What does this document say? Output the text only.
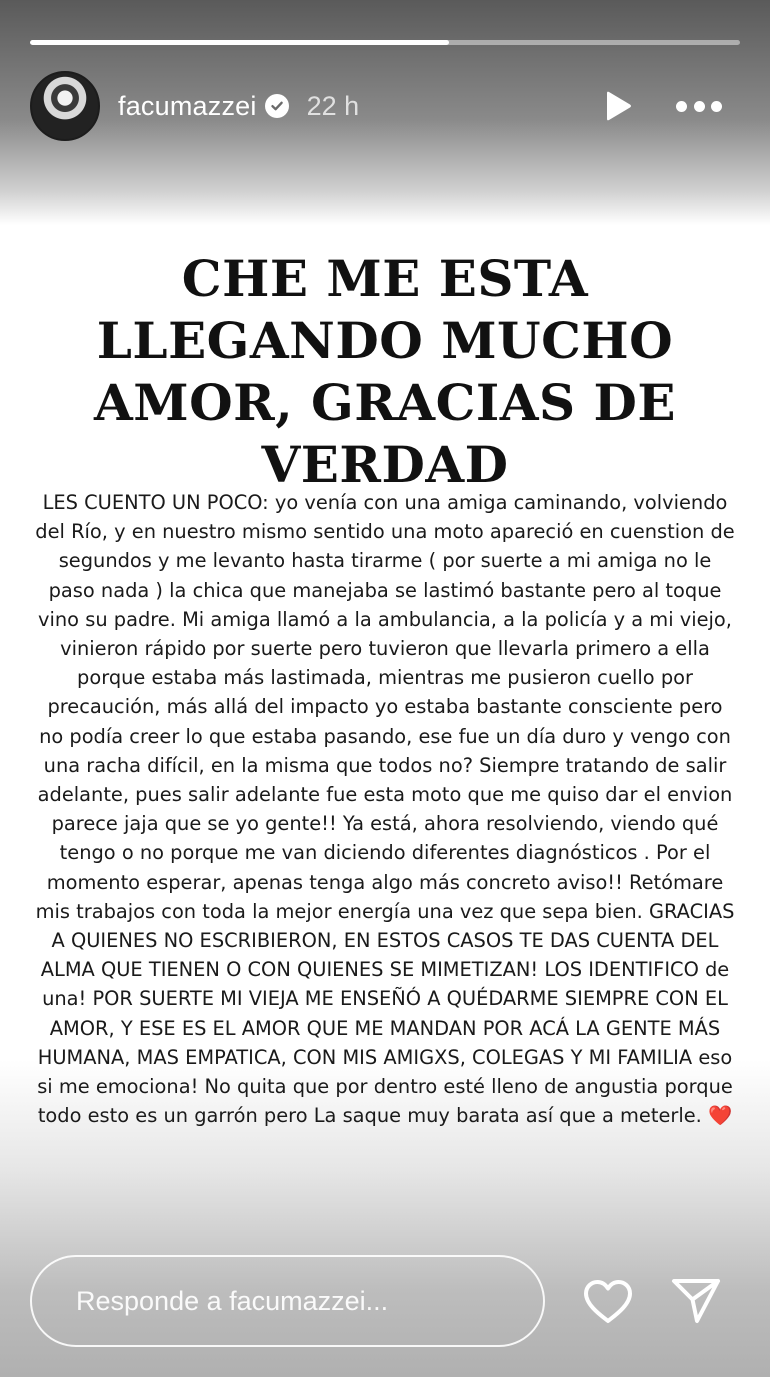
facumazzei 22 h
CHE ME ESTA LLEGANDO MUCHO AMOR, GRACIAS DE VERDAD
LES CUENTO UN POCO: yo venía con una amiga caminando, volviendo del Río, y en nuestro mismo sentido una moto apareció en cuenstion de segundos y me levanto hasta tirarme ( por suerte a mi amiga no le paso nada ) la chica que manejaba se lastimó bastante pero al toque vino su padre. Mi amiga llamó a la ambulancia, a la policía y a mi viejo, vinieron rápido por suerte pero tuvieron que llevarla primero a ella porque estaba más lastimada, mientras me pusieron cuello por precaución, más allá del impacto yo estaba bastante consciente pero no podía creer lo que estaba pasando, ese fue un día duro y vengo con una racha difícil, en la misma que todos no? Siempre tratando de salir adelante, pues salir adelante fue esta moto que me quiso dar el envion parece jaja que se yo gente!! Ya está, ahora resolviendo, viendo qué tengo o no porque me van diciendo diferentes diagnósticos . Por el momento esperar, apenas tenga algo más concreto aviso!! Retómare mis trabajos con toda la mejor energía una vez que sepa bien. GRACIAS A QUIENES NO ESCRIBIERON, EN ESTOS CASOS TE DAS CUENTA DEL ALMA QUE TIENEN O CON QUIENES SE MIMETIZAN! LOS IDENTIFICO de una! POR SUERTE MI VIEJA ME ENSEÑÓ A QUÉDARME SIEMPRE CON EL AMOR, Y ESE ES EL AMOR QUE ME MANDAN POR ACÁ LA GENTE MÁS HUMANA, MAS EMPATICA, CON MIS AMIGXS, COLEGAS Y MI FAMILIA eso si me emociona! No quita que por dentro esté lleno de angustia porque todo esto es un garrón pero La saque muy barata así que a meterle. ❤️
Responde a facumazzei...
